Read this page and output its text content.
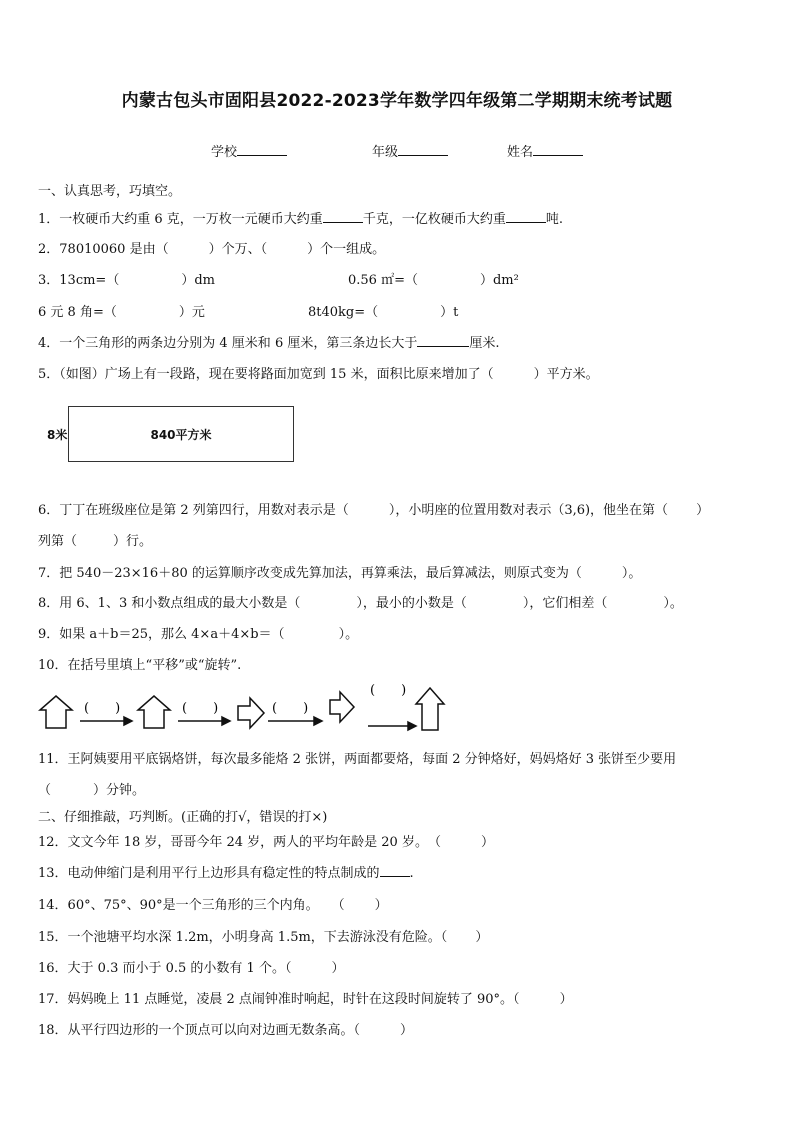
内蒙古包头市固阳县2022-2023学年数学四年级第二学期期末统考试题
学校	年级	姓名
一、认真思考，巧填空。
1．一枚硬币大约重 6 克，一万枚一元硬币大约重	千克，一亿枚硬币大约重	吨.
2．78010060 是由（	）个万、（	）个一组成。
3．13cm=（	）dm	0.56 ㎡=（	）dm²
6 元 8 角=（	）元	8t40kg=（	）t
4．一个三角形的两条边分别为 4 厘米和 6 厘米，第三条边长大于	厘米.
5．（如图）广场上有一段路，现在要将路面加宽到 15 米，面积比原来增加了（	）平方米。
8米	840平方米
6．丁丁在班级座位是第 2 列第四行，用数对表示是（	），小明座的位置用数对表示（3,6)，他坐在第（ ）
列第（	）行。
7．把 540－23×16＋80 的运算顺序改变成先算加法，再算乘法，最后算减法，则原式变为（	）。
8．用 6、1、3 和小数点组成的最大小数是（	），最小的小数是（	），它们相差（	）。
9．如果 a＋b＝25，那么 4×a＋4×b＝（	）。
10．在括号里填上“平移”或“旋转”.
(　　)	(　　)	(　　)
(　　)
11．王阿姨要用平底锅烙饼，每次最多能烙 2 张饼，两面都要烙，每面 2 分钟烙好，妈妈烙好 3 张饼至少要用
（	）分钟。
二、仔细推敲，巧判断。(正确的打√，错误的打×)
12．文文今年 18 岁，哥哥今年 24 岁，两人的平均年龄是 20 岁。　（	）
13．电动伸缩门是利用平行上边形具有稳定性的特点制成的 .
14．60°、75°、90°是一个三角形的三个内角。　　（ ）
15．一个池塘平均水深 1.2m，小明身高 1.5m，下去游泳没有危险。（ ）
16．大于 0.3 而小于 0.5 的小数有 1 个。（	）
17．妈妈晚上 11 点睡觉，凌晨 2 点闹钟准时响起，时针在这段时间旋转了 90°。（	）
18．从平行四边形的一个顶点可以向对边画无数条高。（	）
